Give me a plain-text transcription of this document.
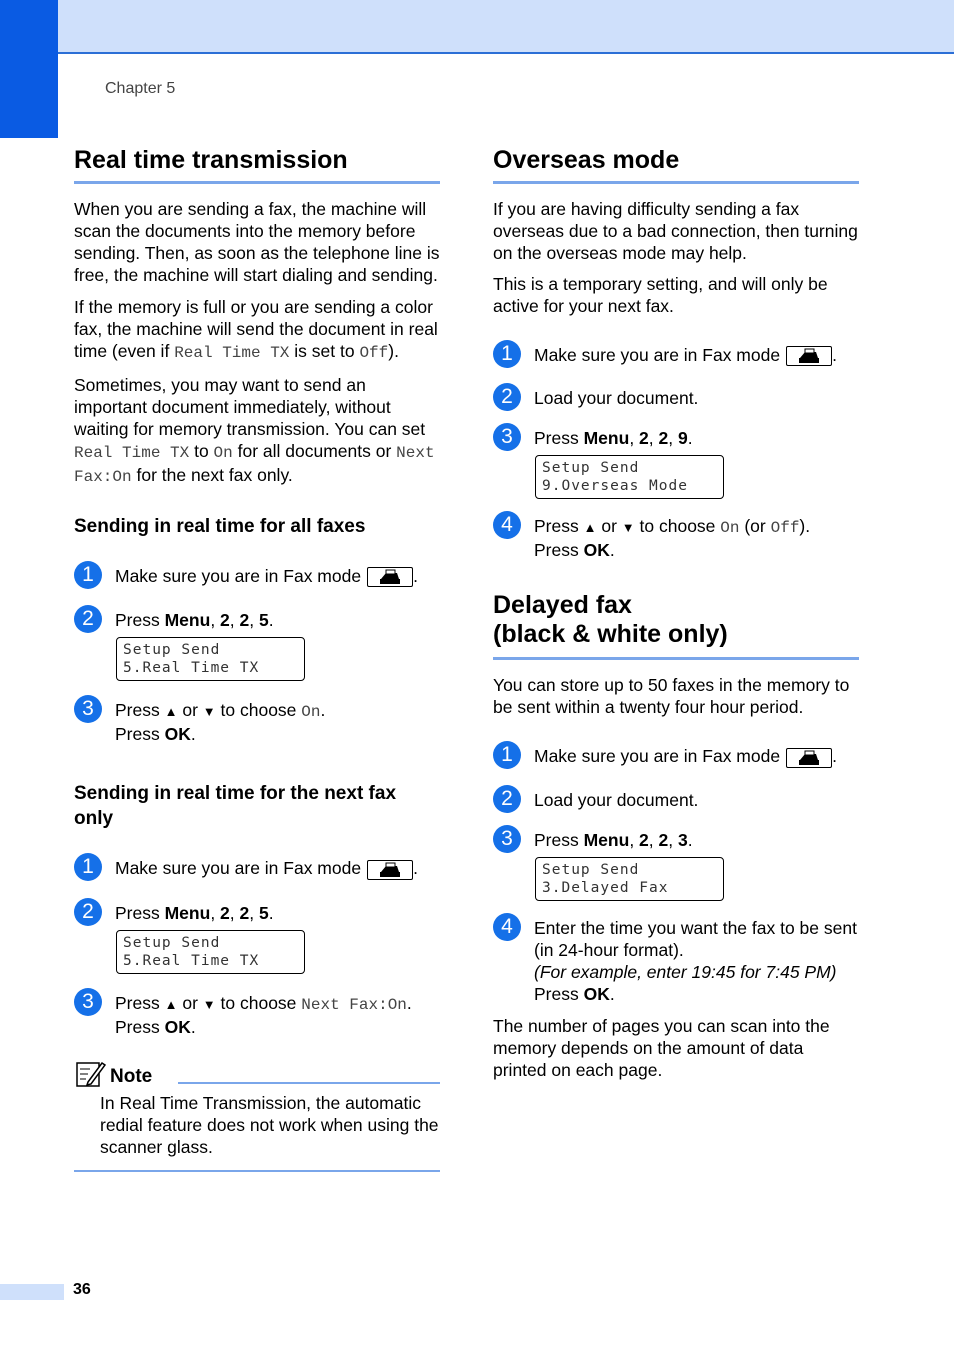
Chapter 5
Real time transmission

When you are sending a fax, the machine will scan the documents into the memory before sending. Then, as soon as the telephone line is free, the machine will start dialing and sending.

If the memory is full or you are sending a color fax, the machine will send the document in real time (even if Real Time TX is set to Off).

Sometimes, you may want to send an important document immediately, without waiting for memory transmission. You can set Real Time TX to On for all documents or Next Fax:On for the next fax only.

Sending in real time for all faxes
1	Make sure you are in Fax mode	.
2	Press Menu, 2, 2, 5.
Setup Send
5.Real Time TX
3	Press ▲ or ▼ to choose On.
Press OK.
Sending in real time for the next fax only
1	Make sure you are in Fax mode	.
2	Press Menu, 2, 2, 5.
Setup Send
5.Real Time TX
3	Press ▲ or ▼ to choose Next Fax:On.
Press OK.
Note
In Real Time Transmission, the automatic redial feature does not work when using the scanner glass.
Overseas mode

If you are having difficulty sending a fax overseas due to a bad connection, then turning on the overseas mode may help.

This is a temporary setting, and will only be active for your next fax.

1	Make sure you are in Fax mode	.
2	Load your document.
3	Press Menu, 2, 2, 9.
Setup Send
9.Overseas Mode
4	Press ▲ or ▼ to choose On (or Off).
Press OK.
Delayed fax
(black & white only)

You can store up to 50 faxes in the memory to be sent within a twenty four hour period.

1	Make sure you are in Fax mode	.
2	Load your document.
3	Press Menu, 2, 2, 3.
Setup Send
3.Delayed Fax
4	Enter the time you want the fax to be sent (in 24-hour format).
(For example, enter 19:45 for 7:45 PM)
Press OK.

The number of pages you can scan into the memory depends on the amount of data printed on each page.

36
